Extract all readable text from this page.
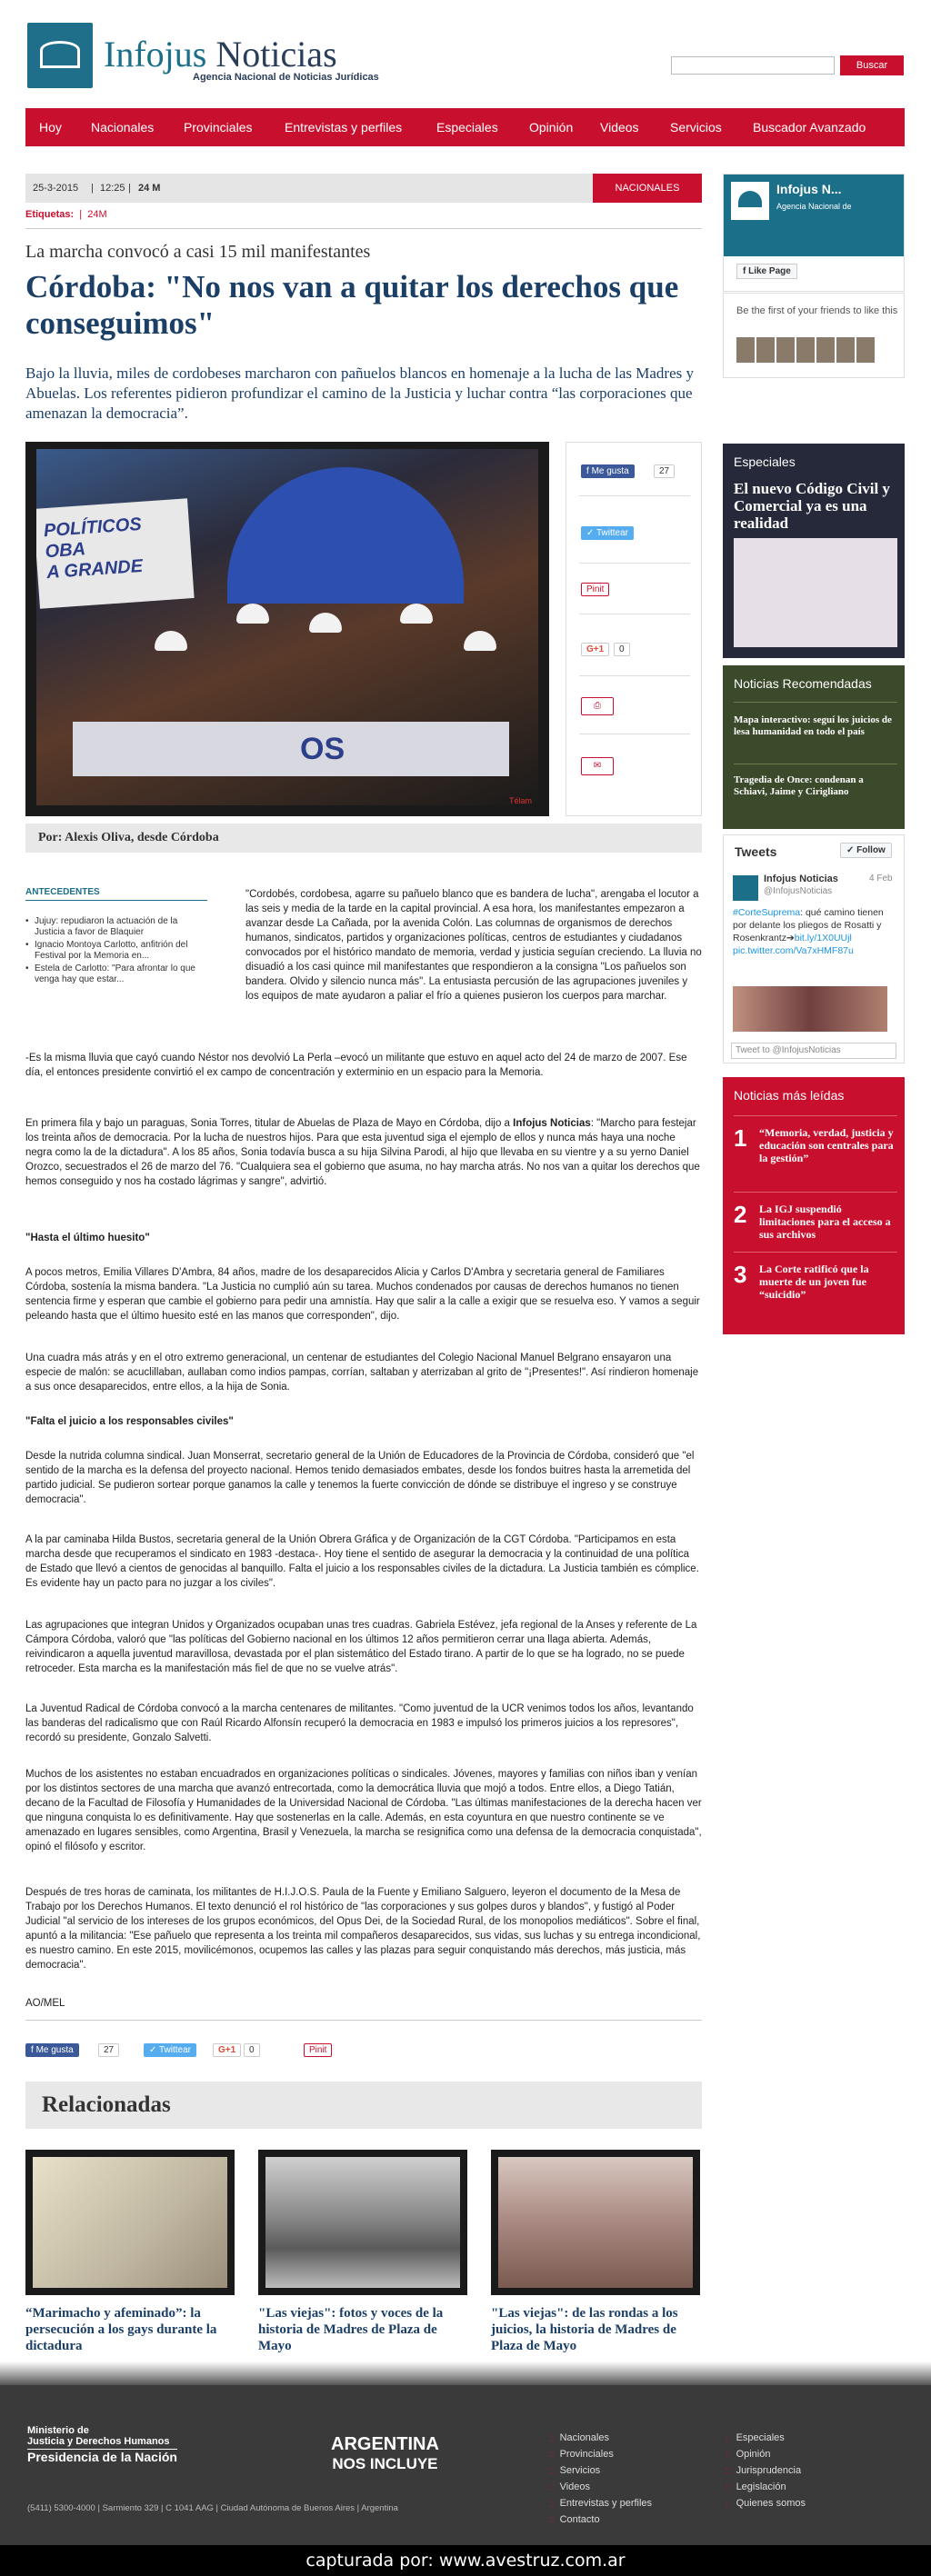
Infojus Noticias
Agencia Nacional de Noticias Jurídicas
Buscar
Hoy Nacionales Provinciales	Entrevistas y perfiles	Especiales Opinión Videos Servicios Buscador Avanzado
25-3-2015 | 12:25 | 24 M	NACIONALES
Etiquetas:  |  24M
La marcha convocó a casi 15 mil manifestantes
Córdoba: "No nos van a quitar los derechos que conseguimos"

Bajo la lluvia, miles de cordobeses marcharon con pañuelos blancos en homenaje a la lucha de las Madres y Abuelas. Los referentes pidieron profundizar el camino de la Justicia y luchar contra “las corporaciones que amenazan la democracia”.

POLÍTICOS
OBA
A GRANDE
OS
Télam
Por: Alexis Oliva, desde Córdoba
f Me gusta	27
✓ Twittear
Pinit
G+1	0
⎙
✉
ANTECEDENTES
• Jujuy: repudiaron la actuación de la Justicia a favor de Blaquier
• Ignacio Montoya Carlotto, anfitrión del Festival por la Memoria en...
• Estela de Carlotto: "Para afrontar lo que venga hay que estar...

"Cordobés, cordobesa, agarre su pañuelo blanco que es bandera de lucha", arengaba el locutor a las seis y media de la tarde en la capital provincial. A esa hora, los manifestantes empezaron a avanzar desde La Cañada, por la avenida Colón. Las columnas de organismos de derechos humanos, sindicatos, partidos y organizaciones políticas, centros de estudiantes y ciudadanos convocados por el histórico mandato de memoria, verdad y justicia seguían creciendo. La lluvia no disuadió a los casi quince mil manifestantes que respondieron a la consigna "Los pañuelos son bandera. Olvido y silencio nunca más". La entusiasta percusión de las agrupaciones juveniles y los equipos de mate ayudaron a paliar el frío a quienes pusieron los cuerpos para marchar.

-Es la misma lluvia que cayó cuando Néstor nos devolvió La Perla –evocó un militante que estuvo en aquel acto del 24 de marzo de 2007. Ese día, el entonces presidente convirtió el ex campo de concentración y exterminio en un espacio para la Memoria.

En primera fila y bajo un paraguas, Sonia Torres, titular de Abuelas de Plaza de Mayo en Córdoba, dijo a Infojus Noticias: "Marcho para festejar los treinta años de democracia. Por la lucha de nuestros hijos. Para que esta juventud siga el ejemplo de ellos y nunca más haya una noche negra como la de la dictadura". A los 85 años, Sonia todavía busca a su hija Silvina Parodi, al hijo que llevaba en su vientre y a su yerno Daniel Orozco, secuestrados el 26 de marzo del 76. "Cualquiera sea el gobierno que asuma, no hay marcha atrás. No nos van a quitar los derechos que hemos conseguido y nos ha costado lágrimas y sangre", advirtió.

"Hasta el último huesito"

A pocos metros, Emilia Villares D'Ambra, 84 años, madre de los desaparecidos Alicia y Carlos D'Ambra y secretaria general de Familiares Córdoba, sostenía la misma bandera. "La Justicia no cumplió aún su tarea. Muchos condenados por causas de derechos humanos no tienen sentencia firme y esperan que cambie el gobierno para pedir una amnistía. Hay que salir a la calle a exigir que se resuelva eso. Y vamos a seguir peleando hasta que el último huesito esté en las manos que corresponden", dijo.

Una cuadra más atrás y en el otro extremo generacional, un centenar de estudiantes del Colegio Nacional Manuel Belgrano ensayaron una especie de malón: se acuclillaban, aullaban como indios pampas, corrían, saltaban y aterrizaban al grito de "¡Presentes!". Así rindieron homenaje a sus once desaparecidos, entre ellos, a la hija de Sonia.

"Falta el juicio a los responsables civiles"

Desde la nutrida columna sindical. Juan Monserrat, secretario general de la Unión de Educadores de la Provincia de Córdoba, consideró que "el sentido de la marcha es la defensa del proyecto nacional. Hemos tenido demasiados embates, desde los fondos buitres hasta la arremetida del partido judicial. Se pudieron sortear porque ganamos la calle y tenemos la fuerte convicción de dónde se distribuye el ingreso y se construye democracia".

A la par caminaba Hilda Bustos, secretaria general de la Unión Obrera Gráfica y de Organización de la CGT Córdoba. "Participamos en esta marcha desde que recuperamos el sindicato en 1983 -destaca-. Hoy tiene el sentido de asegurar la democracia y la continuidad de una política de Estado que llevó a cientos de genocidas al banquillo. Falta el juicio a los responsables civiles de la dictadura. La Justicia también es cómplice. Es evidente hay un pacto para no juzgar a los civiles".

Las agrupaciones que integran Unidos y Organizados ocupaban unas tres cuadras. Gabriela Estévez, jefa regional de la Anses y referente de La Cámpora Córdoba, valoró que "las políticas del Gobierno nacional en los últimos 12 años permitieron cerrar una llaga abierta. Además, reivindicaron a aquella juventud maravillosa, devastada por el plan sistemático del Estado tirano. A partir de lo que se ha logrado, no se puede retroceder. Esta marcha es la manifestación más fiel de que no se vuelve atrás".

La Juventud Radical de Córdoba convocó a la marcha centenares de militantes. "Como juventud de la UCR venimos todos los años, levantando las banderas del radicalismo que con Raúl Ricardo Alfonsín recuperó la democracia en 1983 e impulsó los primeros juicios a los represores", recordó su presidente, Gonzalo Salvetti.

Muchos de los asistentes no estaban encuadrados en organizaciones políticas o sindicales. Jóvenes, mayores y familias con niños iban y venían por los distintos sectores de una marcha que avanzó entrecortada, como la democrática lluvia que mojó a todos. Entre ellos, a Diego Tatián, decano de la Facultad de Filosofía y Humanidades de la Universidad Nacional de Córdoba. "Las últimas manifestaciones de la derecha hacen ver que ninguna conquista lo es definitivamente. Hay que sostenerlas en la calle. Además, en esta coyuntura en que nuestro continente se ve amenazado en lugares sensibles, como Argentina, Brasil y Venezuela, la marcha se resignifica como una defensa de la democracia conquistada", opinó el filósofo y escritor.

Después de tres horas de caminata, los militantes de H.I.J.O.S. Paula de la Fuente y Emiliano Salguero, leyeron el documento de la Mesa de Trabajo por los Derechos Humanos. El texto denunció el rol histórico de "las corporaciones y sus golpes duros y blandos", y fustigó al Poder Judicial "al servicio de los intereses de los grupos económicos, del Opus Dei, de la Sociedad Rural, de los monopolios mediáticos". Sobre el final, apuntó a la militancia: "Ese pañuelo que representa a los treinta mil compañeros desaparecidos, sus vidas, sus luchas y su entrega incondicional, es nuestro camino. En este 2015, movilicémonos, ocupemos las calles y las plazas para seguir conquistando más derechos, más justicia, más democracia".

AO/MEL
f Me gusta	27	✓ Twittear	G+1	0	Pinit
Relacionadas
“Marimacho y afeminado”: la persecución a los gays durante la dictadura
"Las viejas": fotos y voces de la historia de Madres de Plaza de Mayo
"Las viejas": de las rondas a los juicios, la historia de Madres de Plaza de Mayo
Infojus N...
Agencia Nacional de
f Like Page
Be the first of your friends to like this
Especiales
El nuevo Código Civil y Comercial ya es una realidad
Noticias Recomendadas
Mapa interactivo: seguí los juicios de lesa humanidad en todo el país
Tragedia de Once: condenan a Schiavi, Jaime y Cirigliano
Tweets	✓ Follow
Infojus Noticias
@InfojusNoticias
4 Feb
#CorteSuprema: qué camino tienen por delante los pliegos de Rosatti y Rosenkrantz➔bit.ly/1X0UUjl pic.twitter.com/Va7xHMF87u
Tweet to @InfojusNoticias
Noticias más leídas
1 “Memoria, verdad, justicia y educación son centrales para la gestión”
2 La IGJ suspendió limitaciones para el acceso a sus archivos
3 La Corte ratificó que la muerte de un joven fue “suicidio”
Ministerio de
Justicia y Derechos Humanos
Presidencia de la Nación
ARGENTINA
NOS INCLUYE
(5411) 5300-4000 | Sarmiento 329 | C 1041 AAG | Ciudad Autónoma de Buenos Aires | Argentina
:: Nacionales
:: Provinciales
:: Servicios
:: Videos
:: Entrevistas y perfiles
:: Contacto
:: Especiales
:: Opinión
:: Jurisprudencia
:: Legislación
:: Quienes somos
capturada por: www.avestruz.com.ar
